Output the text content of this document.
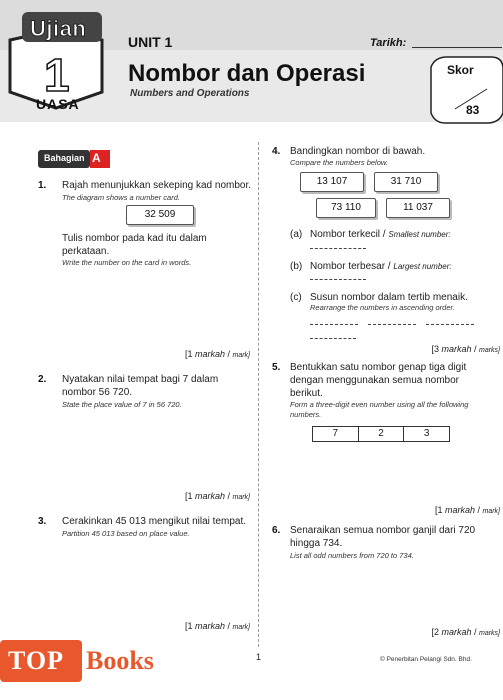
Ujian
1
UASA
UNIT 1
Nombor dan Operasi
Numbers and Operations
Tarikh:
Skor
83
Bahagian A
1. Rajah menunjukkan sekeping kad nombor.
The diagram shows a number card.
32 509
Tulis nombor pada kad itu dalam perkataan.
Write the number on the card in words.
[1 markah / mark]
2. Nyatakan nilai tempat bagi 7 dalam nombor 56 720.
State the place value of 7 in 56 720.
[1 markah / mark]
3. Cerakinkan 45 013 mengikut nilai tempat.
Partition 45 013 based on place value.
[1 markah / mark]
4. Bandingkan nombor di bawah.
Compare the numbers below.
13 107	31 710
73 110	11 037
(a) Nombor terkecil / Smallest number:
(b) Nombor terbesar / Largest number:
(c) Susun nombor dalam tertib menaik.
Rearrange the numbers in ascending order.
[3 markah / marks]
5. Bentukkan satu nombor genap tiga digit dengan menggunakan semua nombor berikut.
Form a three-digit even number using all the following numbers.
7	2	3
[1 markah / mark]
6. Senaraikan semua nombor ganjil dari 720 hingga 734.
List all odd numbers from 720 to 734.
[2 markah / marks]
1	© Penerbitan Pelangi Sdn. Bhd.
TOP Books
